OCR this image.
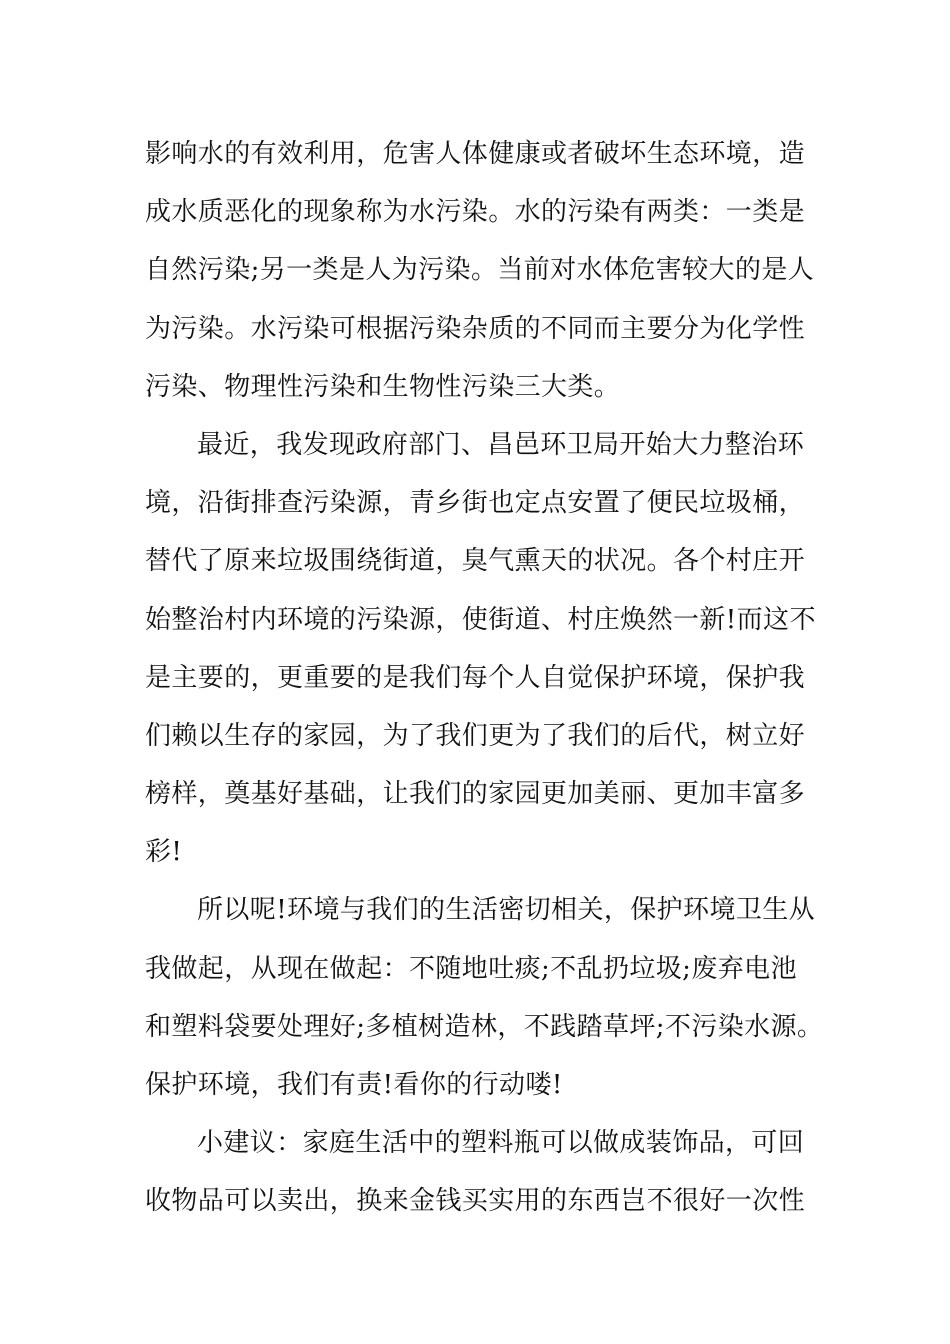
影响水的有效利用，危害人体健康或者破坏生态环境，造
成水质恶化的现象称为水污染。水的污染有两类：一类是
自然污染;另一类是人为污染。当前对水体危害较大的是人
为污染。水污染可根据污染杂质的不同而主要分为化学性
污染、物理性污染和生物性污染三大类。
最近，我发现政府部门、昌邑环卫局开始大力整治环
境，沿街排查污染源，青乡街也定点安置了便民垃圾桶，
替代了原来垃圾围绕街道，臭气熏天的状况。各个村庄开
始整治村内环境的污染源，使街道、村庄焕然一新!而这不
是主要的，更重要的是我们每个人自觉保护环境，保护我
们赖以生存的家园，为了我们更为了我们的后代，树立好
榜样，奠基好基础，让我们的家园更加美丽、更加丰富多
彩!
所以呢!环境与我们的生活密切相关，保护环境卫生从
我做起，从现在做起：不随地吐痰;不乱扔垃圾;废弃电池
和塑料袋要处理好;多植树造林，不践踏草坪;不污染水源。
保护环境，我们有责!看你的行动喽!
小建议：家庭生活中的塑料瓶可以做成装饰品，可回
收物品可以卖出，换来金钱买实用的东西岂不很好一次性
